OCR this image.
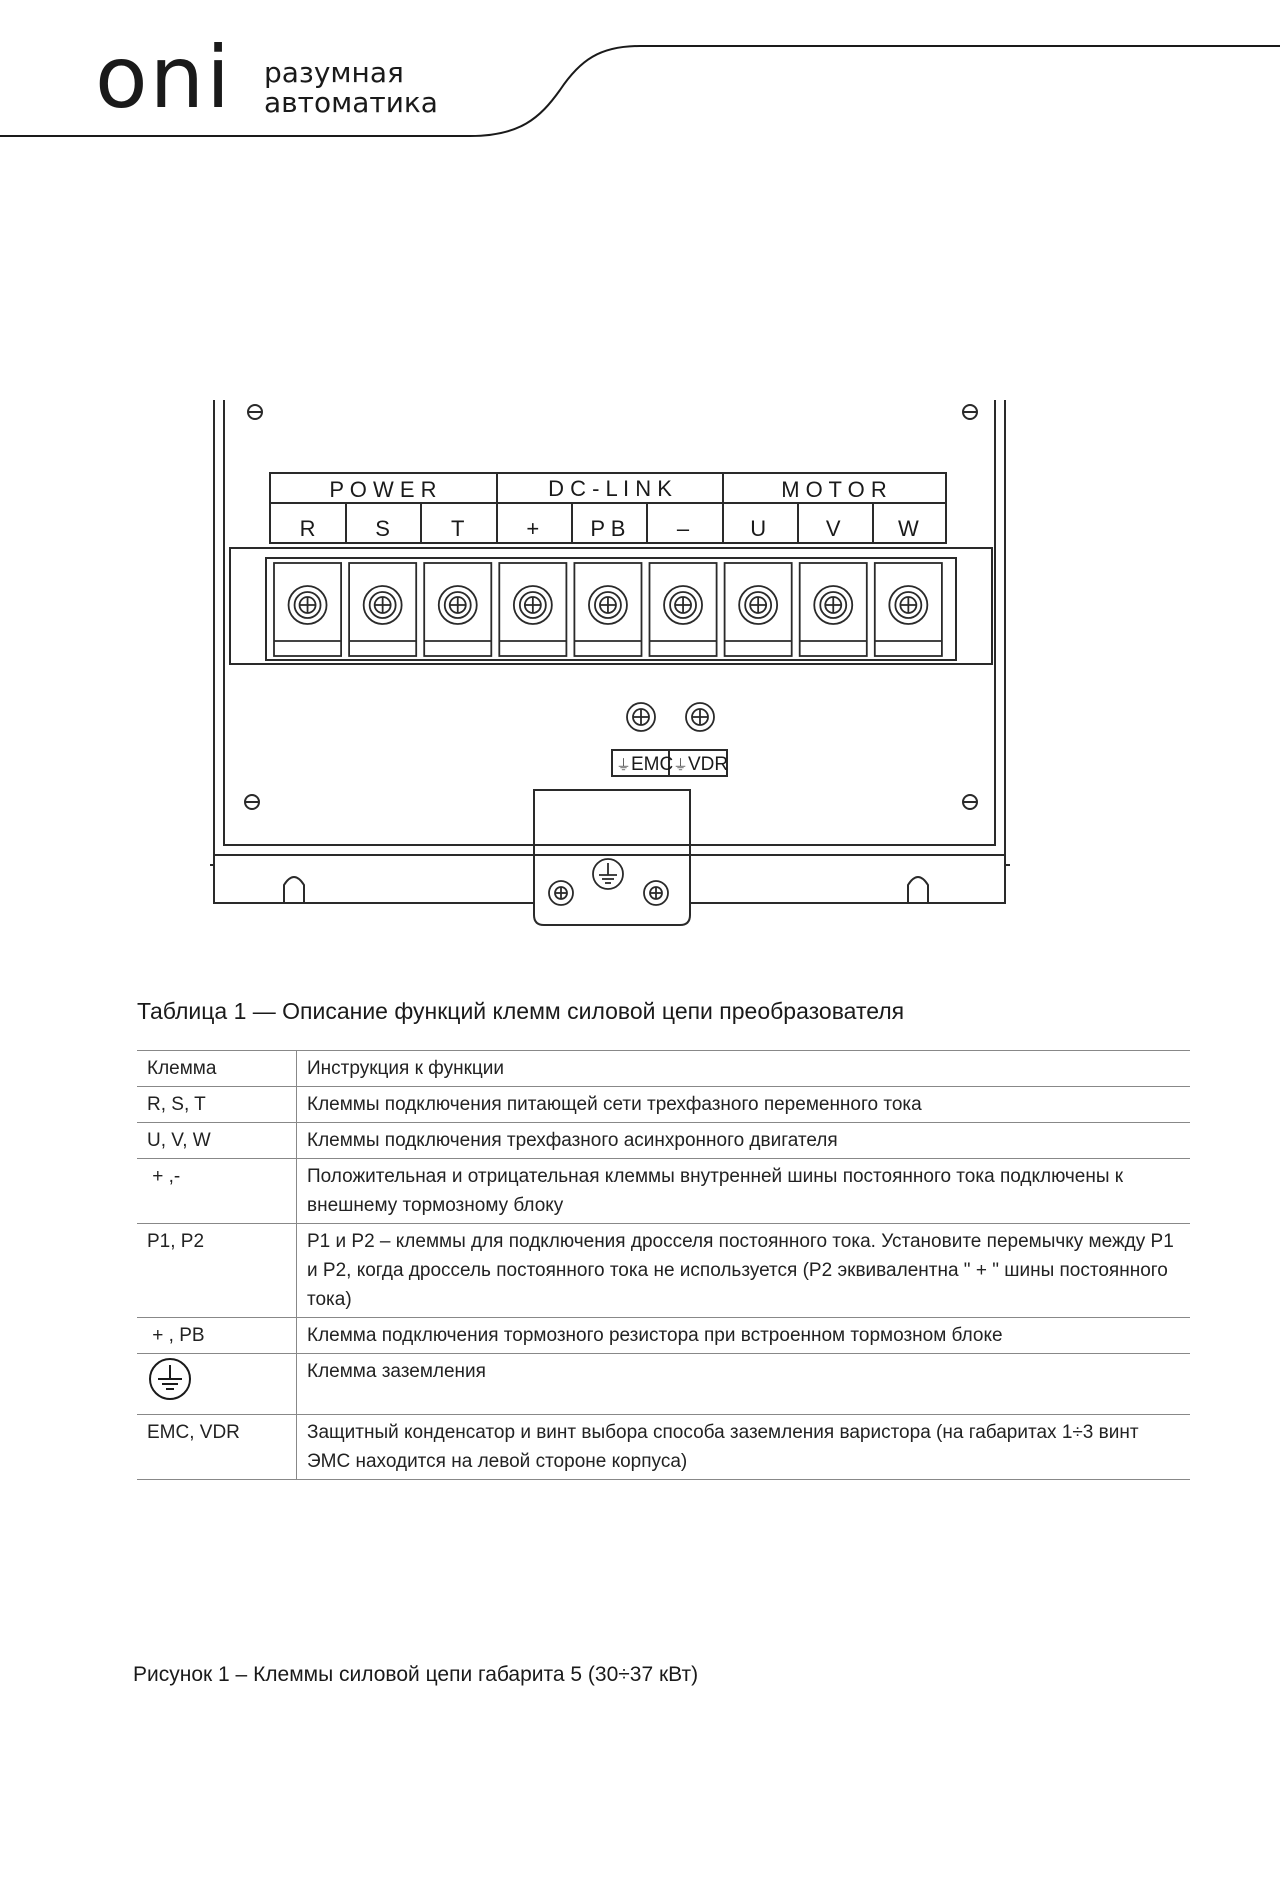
oni разумная
автоматика
P O W E R	D C - L I N K	M O T O R
R	S	T	+ P B –	U	V	W
⏚ EMC ⏚ VDR
Таблица 1 — Описание функций клемм силовой цепи преобразователя
Клемма	Инструкция к функции
R, S, T	Клеммы подключения питающей сети трехфазного переменного тока
U, V, W	Клеммы подключения трехфазного асинхронного двигателя
+ ,-	Положительная и отрицательная клеммы внутренней шины постоянного тока подключены к внешнему тормозному блоку
P1, P2	P1 и P2 – клеммы для подключения дросселя постоянного тока. Установите перемычку между P1 и P2, когда дроссель постоянного тока не используется (P2 эквивалентна " + " шины постоянного тока)
+ , PB	Клемма подключения тормозного резистора при встроенном тормозном блоке
	Клемма заземления
EMC, VDR	Защитный конденсатор и винт выбора способа заземления варистора (на габаритах 1÷3 винт ЭМС находится на левой стороне корпуса)
Рисунок 1 – Клеммы силовой цепи габарита 5 (30÷37 кВт)
